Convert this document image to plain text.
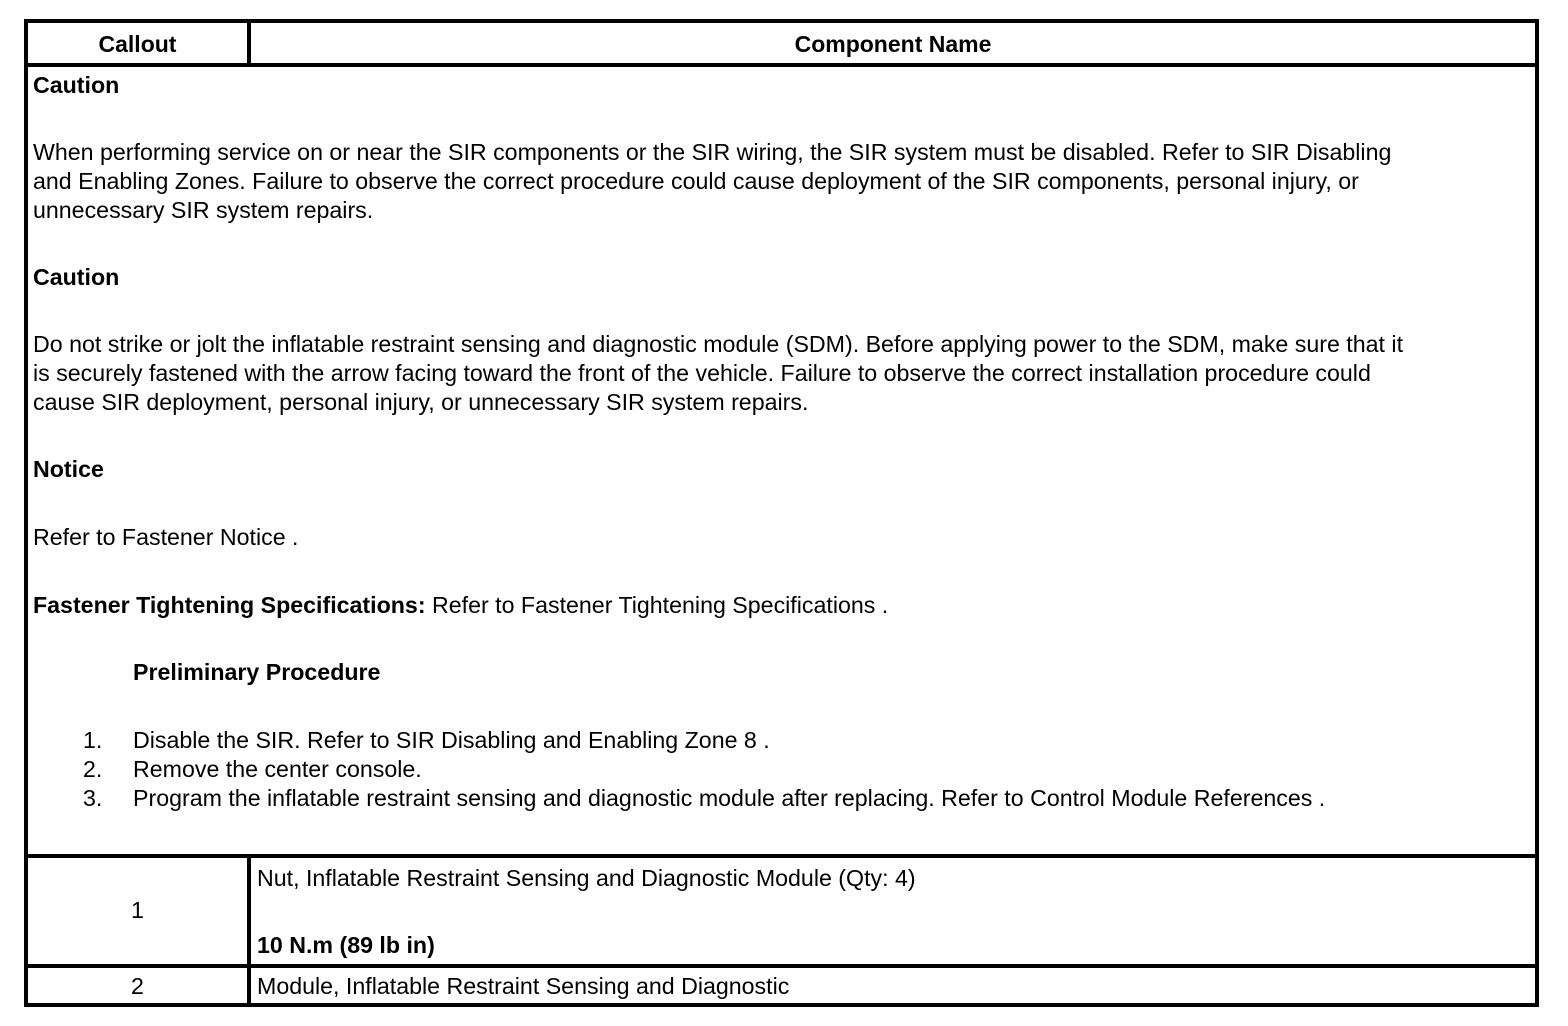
Callout	Component Name
Caution
When performing service on or near the SIR components or the SIR wiring, the SIR system must be disabled. Refer to SIR Disabling
and Enabling Zones. Failure to observe the correct procedure could cause deployment of the SIR components, personal injury, or
unnecessary SIR system repairs.
Caution
Do not strike or jolt the inflatable restraint sensing and diagnostic module (SDM). Before applying power to the SDM, make sure that it
is securely fastened with the arrow facing toward the front of the vehicle. Failure to observe the correct installation procedure could
cause SIR deployment, personal injury, or unnecessary SIR system repairs.
Notice
Refer to Fastener Notice .
Fastener Tightening Specifications: Refer to Fastener Tightening Specifications .
Preliminary Procedure
1. Disable the SIR. Refer to SIR Disabling and Enabling Zone 8 .
2. Remove the center console.
3. Program the inflatable restraint sensing and diagnostic module after replacing. Refer to Control Module References .
1
Nut, Inflatable Restraint Sensing and Diagnostic Module (Qty: 4)
10 N.m (89 lb in)
2	Module, Inflatable Restraint Sensing and Diagnostic
